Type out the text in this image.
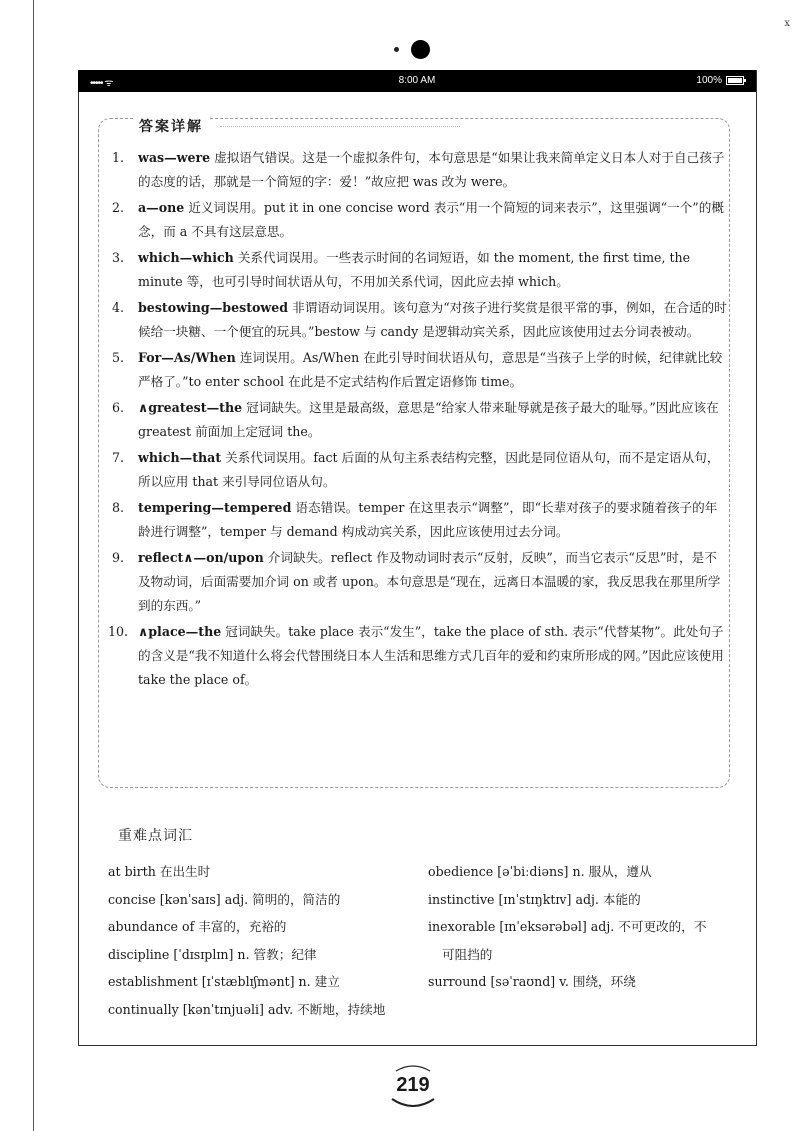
x
••••• ᯤ	8:00 AM	100%
答案详解
1. was—were 虚拟语气错误。这是一个虚拟条件句，本句意思是“如果让我来简单定义日本人对于自己孩子的态度的话，那就是一个简短的字：爱！”故应把 was 改为 were。
2. a—one 近义词误用。put it in one concise word 表示“用一个简短的词来表示”，这里强调“一个”的概念，而 a 不具有这层意思。
3. which—which 关系代词误用。一些表示时间的名词短语，如 the moment, the first time, the minute 等，也可引导时间状语从句，不用加关系代词，因此应去掉 which。
4. bestowing—bestowed 非谓语动词误用。该句意为“对孩子进行奖赏是很平常的事，例如，在合适的时候给一块糖、一个便宜的玩具。”bestow 与 candy 是逻辑动宾关系，因此应该使用过去分词表被动。
5. For—As/When 连词误用。As/When 在此引导时间状语从句，意思是“当孩子上学的时候，纪律就比较严格了。”to enter school 在此是不定式结构作后置定语修饰 time。
6. ∧greatest—the 冠词缺失。这里是最高级，意思是“给家人带来耻辱就是孩子最大的耻辱。”因此应该在 greatest 前面加上定冠词 the。
7. which—that 关系代词误用。fact 后面的从句主系表结构完整，因此是同位语从句，而不是定语从句，所以应用 that 来引导同位语从句。
8. tempering—tempered 语态错误。temper 在这里表示“调整”，即“长辈对孩子的要求随着孩子的年龄进行调整”，temper 与 demand 构成动宾关系，因此应该使用过去分词。
9. reflect∧—on/upon 介词缺失。reflect 作及物动词时表示“反射，反映”，而当它表示“反思”时，是不及物动词，后面需要加介词 on 或者 upon。本句意思是“现在，远离日本温暖的家，我反思我在那里所学到的东西。”
10. ∧place—the 冠词缺失。take place 表示“发生”，take the place of sth. 表示“代替某物”。此处句子的含义是“我不知道什么将会代替围绕日本人生活和思维方式几百年的爱和约束所形成的网。”因此应该使用 take the place of。
重难点词汇
at birth 在出生时
concise [kənˈsaɪs] adj. 简明的，简洁的
abundance of 丰富的，充裕的
discipline [ˈdɪsɪplɪn] n. 管教；纪律
establishment [ɪˈstæblɪʃmənt] n. 建立
continually [kənˈtɪnjuəli] adv. 不断地，持续地
obedience [əˈbiːdiəns] n. 服从，遵从
instinctive [ɪnˈstɪŋktɪv] adj. 本能的
inexorable [ɪnˈeksərəbəl] adj. 不可更改的，不
可阻挡的
surround [səˈraʊnd] v. 围绕，环绕
219
